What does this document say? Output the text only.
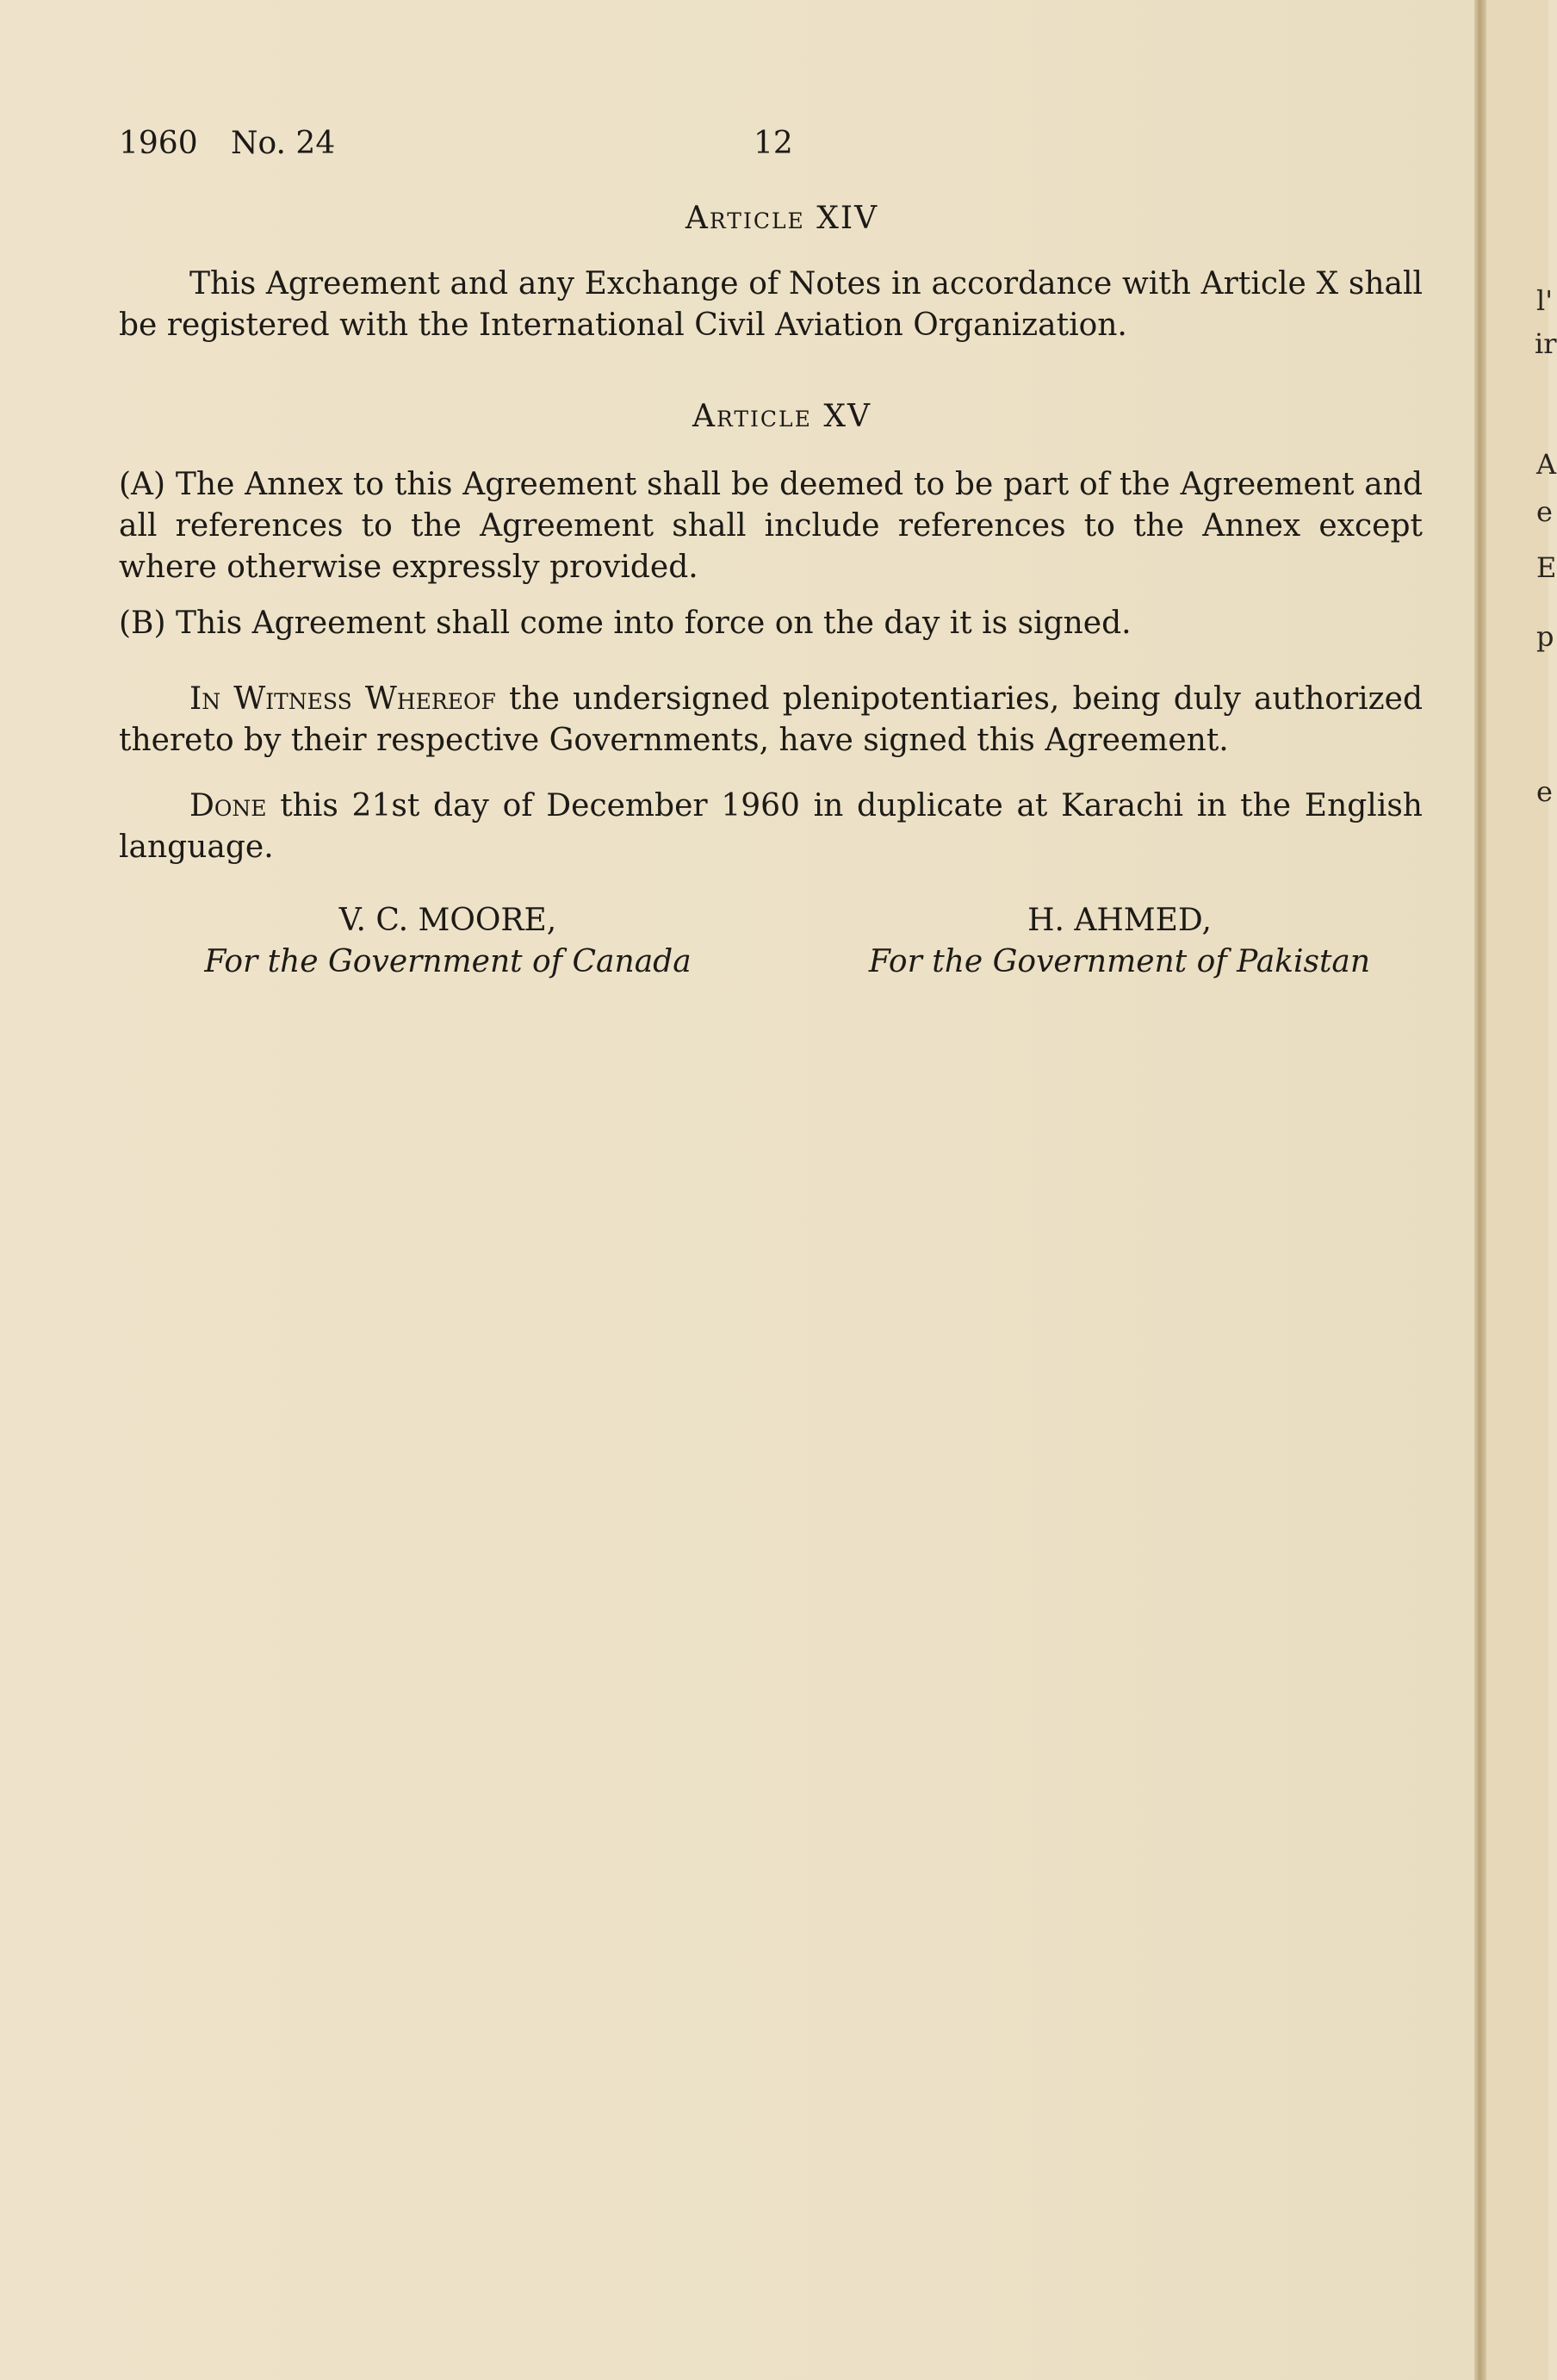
1960 No. 24	12
Article XIV
This Agreement and any Exchange of Notes in accordance with Article X shall be registered with the International Civil Aviation Organization.
Article XV
(A) The Annex to this Agreement shall be deemed to be part of the Agreement and all references to the Agreement shall include references to the Annex except where otherwise expressly provided.
(B) This Agreement shall come into force on the day it is signed.
In Witness Whereof the undersigned plenipotentiaries, being duly authorized thereto by their respective Governments, have signed this Agreement.
Done this 21st day of December 1960 in duplicate at Karachi in the English language.
V. C. MOORE,
For the Government of Canada
H. AHMED,
For the Government of Pakistan
l'
ir
A
e
E
p
e
